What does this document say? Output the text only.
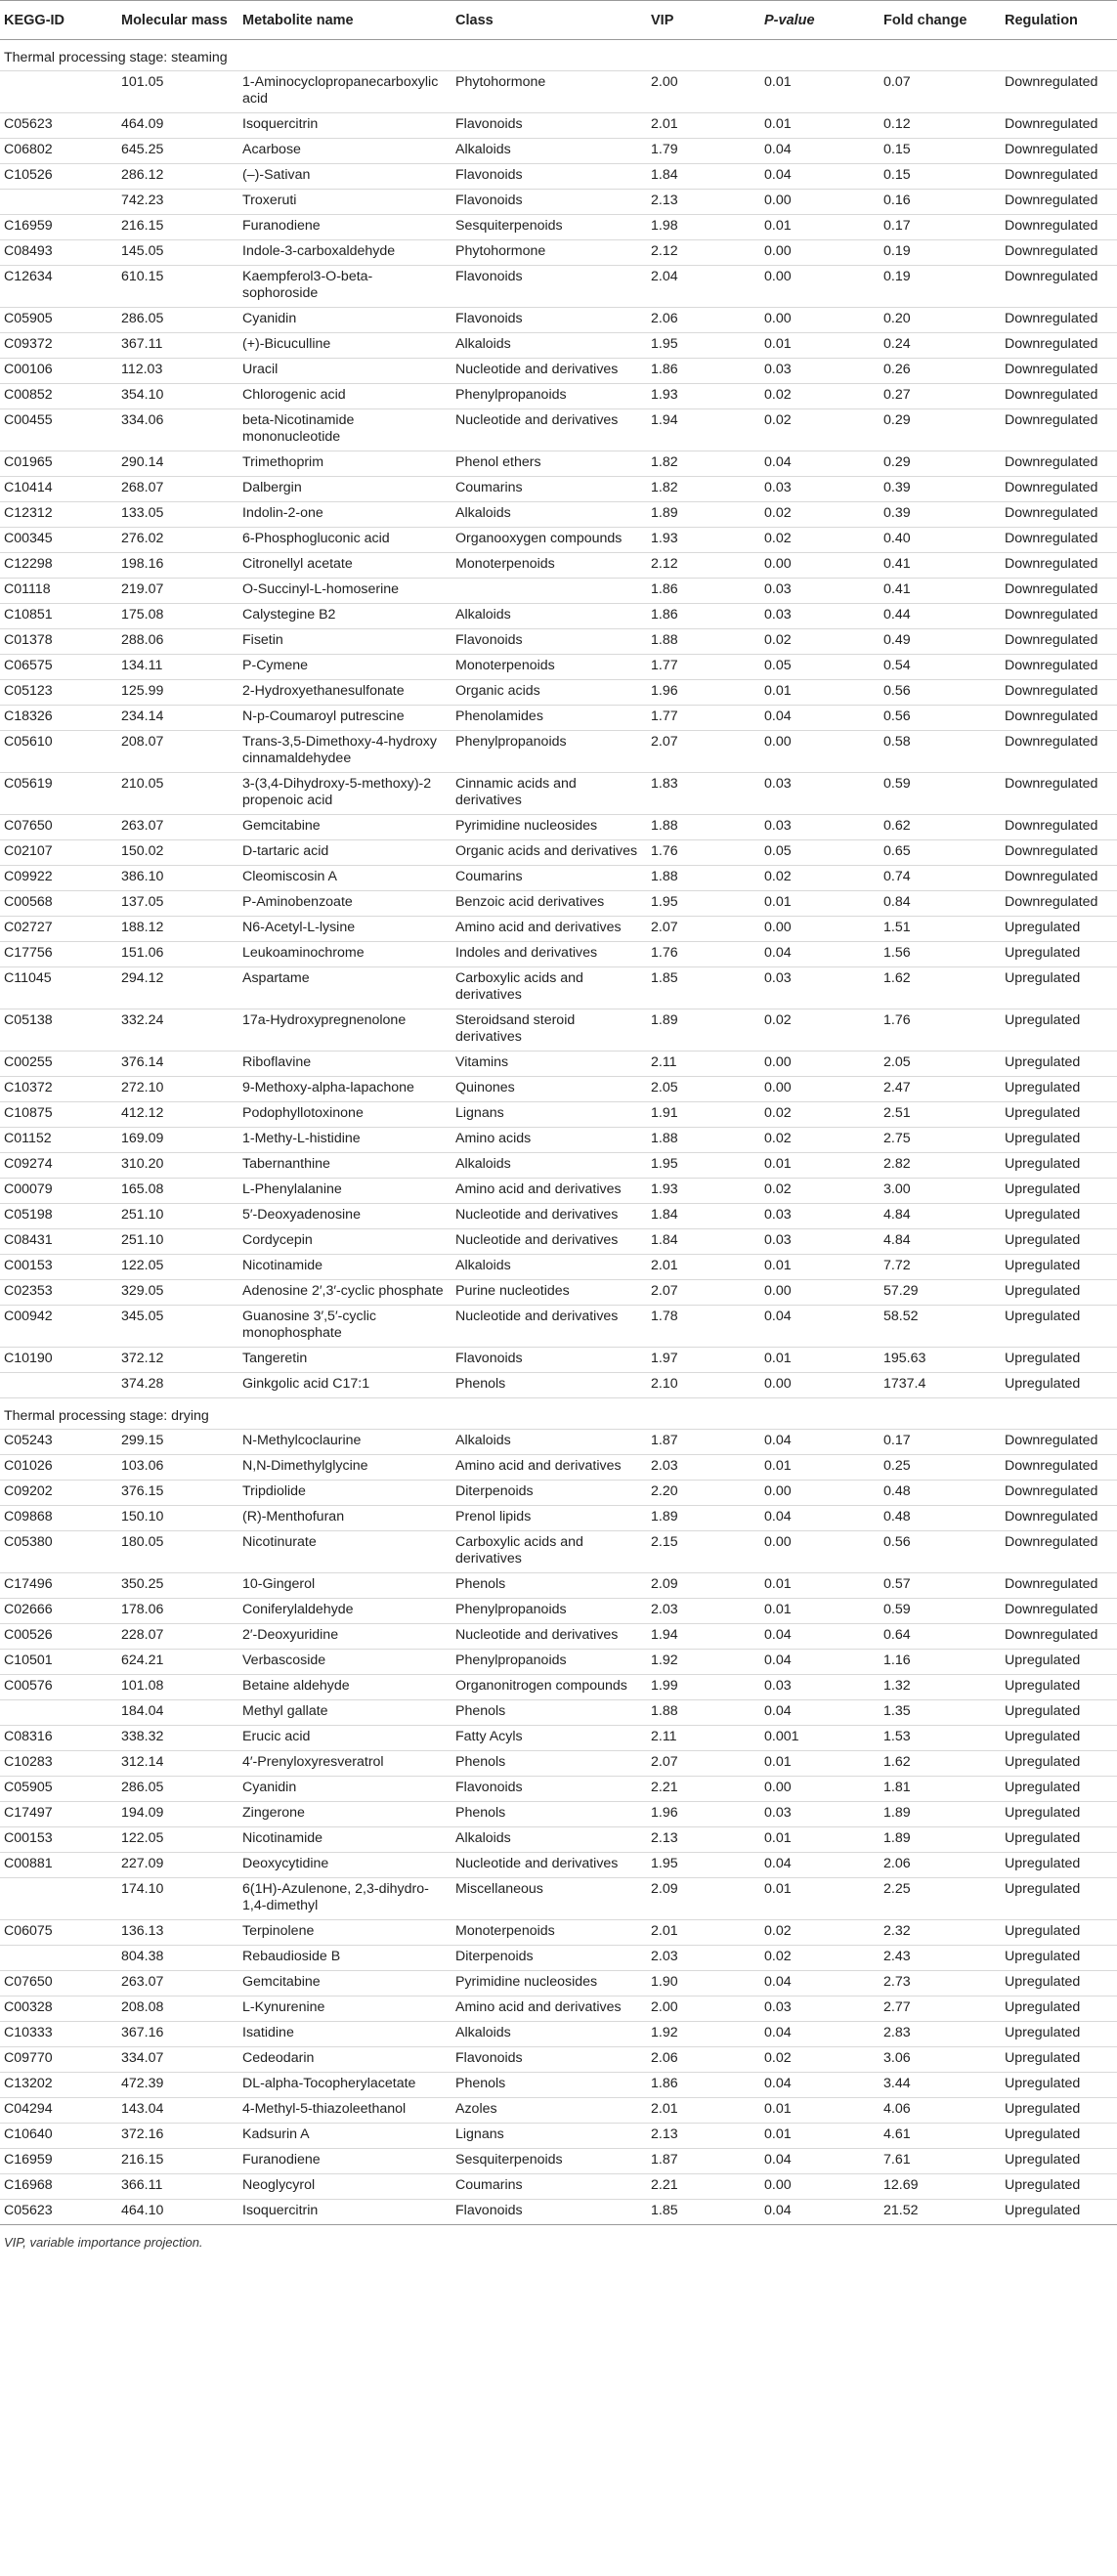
KEGG-ID	Molecular mass	Metabolite name	Class	VIP	P-value	Fold change	Regulation
Thermal processing stage: steaming							
	101.05	1-Aminocyclopropanecarboxylic acid	Phytohormone	2.00	0.01	0.07	Downregulated
C05623	464.09	Isoquercitrin	Flavonoids	2.01	0.01	0.12	Downregulated
C06802	645.25	Acarbose	Alkaloids	1.79	0.04	0.15	Downregulated
C10526	286.12	(–)-Sativan	Flavonoids	1.84	0.04	0.15	Downregulated
	742.23	Troxeruti	Flavonoids	2.13	0.00	0.16	Downregulated
C16959	216.15	Furanodiene	Sesquiterpenoids	1.98	0.01	0.17	Downregulated
C08493	145.05	Indole-3-carboxaldehyde	Phytohormone	2.12	0.00	0.19	Downregulated
C12634	610.15	Kaempferol3-O-beta-sophoroside	Flavonoids	2.04	0.00	0.19	Downregulated
C05905	286.05	Cyanidin	Flavonoids	2.06	0.00	0.20	Downregulated
C09372	367.11	(+)-Bicuculline	Alkaloids	1.95	0.01	0.24	Downregulated
C00106	112.03	Uracil	Nucleotide and derivatives	1.86	0.03	0.26	Downregulated
C00852	354.10	Chlorogenic acid	Phenylpropanoids	1.93	0.02	0.27	Downregulated
C00455	334.06	beta-Nicotinamide mononucleotide	Nucleotide and derivatives	1.94	0.02	0.29	Downregulated
C01965	290.14	Trimethoprim	Phenol ethers	1.82	0.04	0.29	Downregulated
C10414	268.07	Dalbergin	Coumarins	1.82	0.03	0.39	Downregulated
C12312	133.05	Indolin-2-one	Alkaloids	1.89	0.02	0.39	Downregulated
C00345	276.02	6-Phosphogluconic acid	Organooxygen compounds	1.93	0.02	0.40	Downregulated
C12298	198.16	Citronellyl acetate	Monoterpenoids	2.12	0.00	0.41	Downregulated
C01118	219.07	O-Succinyl-L-homoserine		1.86	0.03	0.41	Downregulated
C10851	175.08	Calystegine B2	Alkaloids	1.86	0.03	0.44	Downregulated
C01378	288.06	Fisetin	Flavonoids	1.88	0.02	0.49	Downregulated
C06575	134.11	P-Cymene	Monoterpenoids	1.77	0.05	0.54	Downregulated
C05123	125.99	2-Hydroxyethanesulfonate	Organic acids	1.96	0.01	0.56	Downregulated
C18326	234.14	N-p-Coumaroyl putrescine	Phenolamides	1.77	0.04	0.56	Downregulated
C05610	208.07	Trans-3,5-Dimethoxy-4-hydroxy cinnamaldehydee	Phenylpropanoids	2.07	0.00	0.58	Downregulated
C05619	210.05	3-(3,4-Dihydroxy-5-methoxy)-2 propenoic acid	Cinnamic acids and derivatives	1.83	0.03	0.59	Downregulated
C07650	263.07	Gemcitabine	Pyrimidine nucleosides	1.88	0.03	0.62	Downregulated
C02107	150.02	D-tartaric acid	Organic acids and derivatives	1.76	0.05	0.65	Downregulated
C09922	386.10	Cleomiscosin A	Coumarins	1.88	0.02	0.74	Downregulated
C00568	137.05	P-Aminobenzoate	Benzoic acid derivatives	1.95	0.01	0.84	Downregulated
C02727	188.12	N6-Acetyl-L-lysine	Amino acid and derivatives	2.07	0.00	1.51	Upregulated
C17756	151.06	Leukoaminochrome	Indoles and derivatives	1.76	0.04	1.56	Upregulated
C11045	294.12	Aspartame	Carboxylic acids and derivatives	1.85	0.03	1.62	Upregulated
C05138	332.24	17a-Hydroxypregnenolone	Steroidsand steroid derivatives	1.89	0.02	1.76	Upregulated
C00255	376.14	Riboflavine	Vitamins	2.11	0.00	2.05	Upregulated
C10372	272.10	9-Methoxy-alpha-lapachone	Quinones	2.05	0.00	2.47	Upregulated
C10875	412.12	Podophyllotoxinone	Lignans	1.91	0.02	2.51	Upregulated
C01152	169.09	1-Methy-L-histidine	Amino acids	1.88	0.02	2.75	Upregulated
C09274	310.20	Tabernanthine	Alkaloids	1.95	0.01	2.82	Upregulated
C00079	165.08	L-Phenylalanine	Amino acid and derivatives	1.93	0.02	3.00	Upregulated
C05198	251.10	5′-Deoxyadenosine	Nucleotide and derivatives	1.84	0.03	4.84	Upregulated
C08431	251.10	Cordycepin	Nucleotide and derivatives	1.84	0.03	4.84	Upregulated
C00153	122.05	Nicotinamide	Alkaloids	2.01	0.01	7.72	Upregulated
C02353	329.05	Adenosine 2′,3′-cyclic phosphate	Purine nucleotides	2.07	0.00	57.29	Upregulated
C00942	345.05	Guanosine 3′,5′-cyclic monophosphate	Nucleotide and derivatives	1.78	0.04	58.52	Upregulated
C10190	372.12	Tangeretin	Flavonoids	1.97	0.01	195.63	Upregulated
	374.28	Ginkgolic acid C17:1	Phenols	2.10	0.00	1737.4	Upregulated
Thermal processing stage: drying							
C05243	299.15	N-Methylcoclaurine	Alkaloids	1.87	0.04	0.17	Downregulated
C01026	103.06	N,N-Dimethylglycine	Amino acid and derivatives	2.03	0.01	0.25	Downregulated
C09202	376.15	Tripdiolide	Diterpenoids	2.20	0.00	0.48	Downregulated
C09868	150.10	(R)-Menthofuran	Prenol lipids	1.89	0.04	0.48	Downregulated
C05380	180.05	Nicotinurate	Carboxylic acids and derivatives	2.15	0.00	0.56	Downregulated
C17496	350.25	10-Gingerol	Phenols	2.09	0.01	0.57	Downregulated
C02666	178.06	Coniferylaldehyde	Phenylpropanoids	2.03	0.01	0.59	Downregulated
C00526	228.07	2′-Deoxyuridine	Nucleotide and derivatives	1.94	0.04	0.64	Downregulated
C10501	624.21	Verbascoside	Phenylpropanoids	1.92	0.04	1.16	Upregulated
C00576	101.08	Betaine aldehyde	Organonitrogen compounds	1.99	0.03	1.32	Upregulated
	184.04	Methyl gallate	Phenols	1.88	0.04	1.35	Upregulated
C08316	338.32	Erucic acid	Fatty Acyls	2.11	0.001	1.53	Upregulated
C10283	312.14	4′-Prenyloxyresveratrol	Phenols	2.07	0.01	1.62	Upregulated
C05905	286.05	Cyanidin	Flavonoids	2.21	0.00	1.81	Upregulated
C17497	194.09	Zingerone	Phenols	1.96	0.03	1.89	Upregulated
C00153	122.05	Nicotinamide	Alkaloids	2.13	0.01	1.89	Upregulated
C00881	227.09	Deoxycytidine	Nucleotide and derivatives	1.95	0.04	2.06	Upregulated
	174.10	6(1H)-Azulenone, 2,3-dihydro-1,4-dimethyl	Miscellaneous	2.09	0.01	2.25	Upregulated
C06075	136.13	Terpinolene	Monoterpenoids	2.01	0.02	2.32	Upregulated
	804.38	Rebaudioside B	Diterpenoids	2.03	0.02	2.43	Upregulated
C07650	263.07	Gemcitabine	Pyrimidine nucleosides	1.90	0.04	2.73	Upregulated
C00328	208.08	L-Kynurenine	Amino acid and derivatives	2.00	0.03	2.77	Upregulated
C10333	367.16	Isatidine	Alkaloids	1.92	0.04	2.83	Upregulated
C09770	334.07	Cedeodarin	Flavonoids	2.06	0.02	3.06	Upregulated
C13202	472.39	DL-alpha-Tocopherylacetate	Phenols	1.86	0.04	3.44	Upregulated
C04294	143.04	4-Methyl-5-thiazoleethanol	Azoles	2.01	0.01	4.06	Upregulated
C10640	372.16	Kadsurin A	Lignans	2.13	0.01	4.61	Upregulated
C16959	216.15	Furanodiene	Sesquiterpenoids	1.87	0.04	7.61	Upregulated
C16968	366.11	Neoglycyrol	Coumarins	2.21	0.00	12.69	Upregulated
C05623	464.10	Isoquercitrin	Flavonoids	1.85	0.04	21.52	Upregulated
VIP, variable importance projection.
